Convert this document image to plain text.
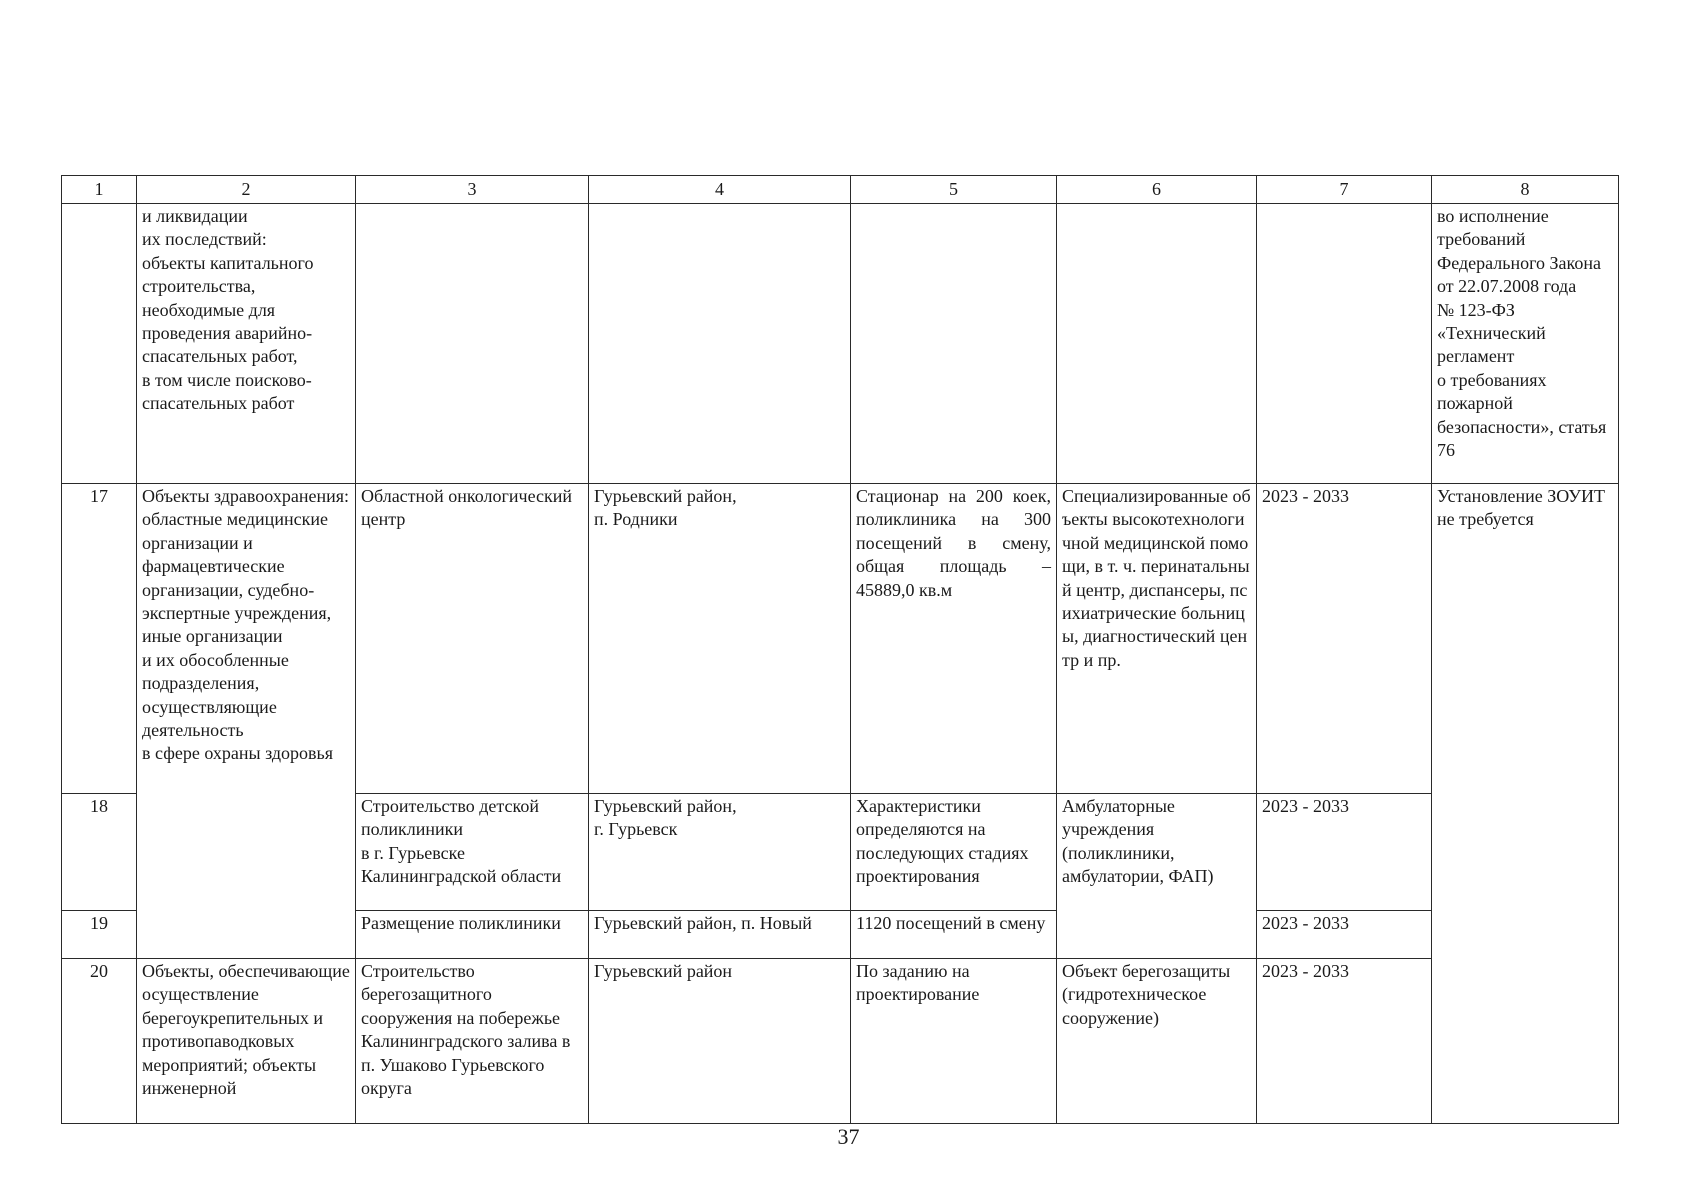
1	2	3	4	5	6	7	8
	и ликвидации
их последствий:
объекты капитального строительства, необходимые для проведения аварийно-спасательных работ,
в том числе поисково-спасательных работ						во исполнение требований Федерального Закона
от 22.07.2008 года
№ 123-ФЗ «Технический регламент
о требованиях пожарной безопасности», статья 76
17	Объекты здравоохранения: областные медицинские организации и фармацевтические организации, судебно-экспертные учреждения, иные организации
и их обособленные подразделения, осуществляющие деятельность
в сфере охраны здоровья	Областной онкологический центр	Гурьевский район,
п. Родники	Стационар на 200 коек, поликлиника на 300 посещений в смену, общая площадь – 45889,0 кв.м	Специализированные объекты высокотехнологичной медицинской помощи, в т. ч. перинатальный центр, диспансеры, психиатрические больницы, диагностический центр и пр.	2023 - 2033	Установление ЗОУИТ не требуется
18		Строительство детской поликлиники
в г. Гурьевске Калининградской области	Гурьевский район,
г. Гурьевск	Характеристики определяются на последующих стадиях проектирования	Амбулаторные учреждения (поликлиники, амбулатории, ФАП)	2023 - 2033	
19		Размещение поликлиники	Гурьевский район, п. Новый	1120 посещений в смену		2023 - 2033	
20	Объекты, обеспечивающие осуществление берегоукрепительных и противопаводковых мероприятий; объекты инженерной	Строительство берегозащитного сооружения на побережье Калининградского залива в п. Ушаково Гурьевского округа	Гурьевский район	По заданию на проектирование	Объект берегозащиты (гидротехническое сооружение)	2023 - 2033	
37
